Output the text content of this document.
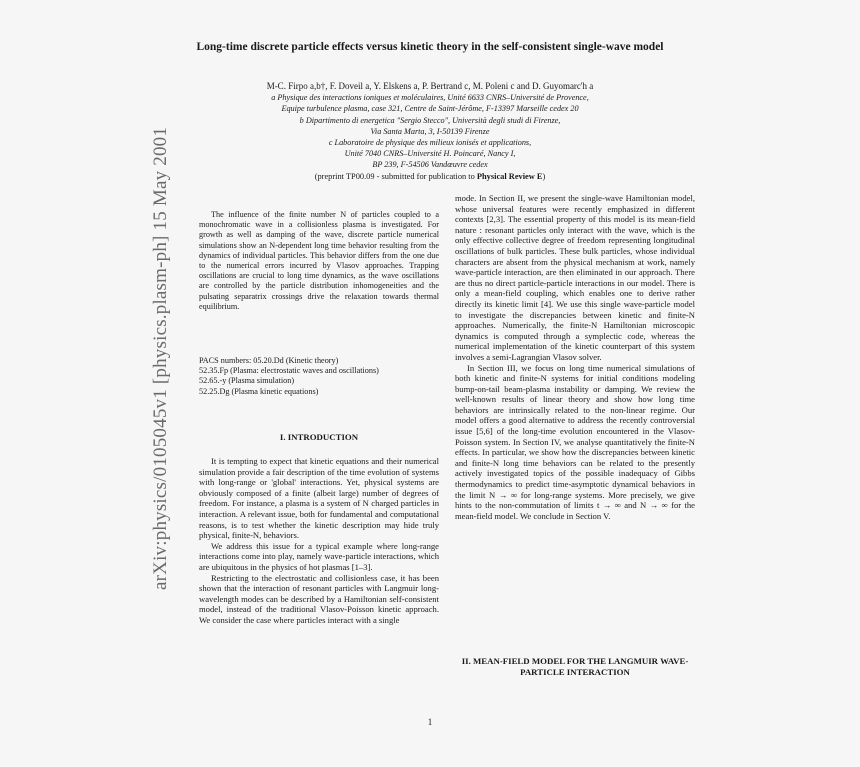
arXiv:physics/0105045v1 [physics.plasm-ph] 15 May 2001
Long-time discrete particle effects versus kinetic theory in the self-consistent single-wave model
M-C. Firpo a,b†, F. Doveil a, Y. Elskens a, P. Bertrand c, M. Poleni c and D. Guyomarc'h a
a Physique des interactions ioniques et moléculaires, Unité 6633 CNRS–Université de Provence,
Equipe turbulence plasma, case 321, Centre de Saint-Jérôme, F-13397 Marseille cedex 20
b Dipartimento di energetica "Sergio Stecco", Università degli studi di Firenze,
Via Santa Marta, 3, I-50139 Firenze
c Laboratoire de physique des milieux ionisés et applications,
Unité 7040 CNRS–Université H. Poincaré, Nancy I,
BP 239, F-54506 Vandœuvre cedex
(preprint TP00.09 - submitted for publication to Physical Review E)

The influence of the finite number N of particles coupled to a monochromatic wave in a collisionless plasma is investigated. For growth as well as damping of the wave, discrete particle numerical simulations show an N-dependent long time behavior resulting from the dynamics of individual particles. This behavior differs from the one due to the numerical errors incurred by Vlasov approaches. Trapping oscillations are crucial to long time dynamics, as the wave oscillations are controlled by the particle distribution inhomogeneities and the pulsating separatrix crossings drive the relaxation towards thermal equilibrium.

PACS numbers: 05.20.Dd (Kinetic theory)
52.35.Fp (Plasma: electrostatic waves and oscillations)
52.65.-y (Plasma simulation)
52.25.Dg (Plasma kinetic equations)
I. INTRODUCTION

It is tempting to expect that kinetic equations and their numerical simulation provide a fair description of the time evolution of systems with long-range or 'global' interactions. Yet, physical systems are obviously composed of a finite (albeit large) number of degrees of freedom. For instance, a plasma is a system of N charged particles in interaction. A relevant issue, both for fundamental and computational reasons, is to test whether the kinetic description may hide truly physical, finite-N, behaviors.

We address this issue for a typical example where long-range interactions come into play, namely wave-particle interactions, which are ubiquitous in the physics of hot plasmas [1–3].

Restricting to the electrostatic and collisionless case, it has been shown that the interaction of resonant particles with Langmuir long-wavelength modes can be described by a Hamiltonian self-consistent model, instead of the traditional Vlasov-Poisson kinetic approach. We consider the case where particles interact with a single

mode. In Section II, we present the single-wave Hamiltonian model, whose universal features were recently emphasized in different contexts [2,3]. The essential property of this model is its mean-field nature : resonant particles only interact with the wave, which is the only effective collective degree of freedom representing longitudinal oscillations of bulk particles. These bulk particles, whose individual characters are absent from the physical mechanism at work, namely wave-particle interaction, are then eliminated in our approach. There are thus no direct particle-particle interactions in our model. There is only a mean-field coupling, which enables one to derive rather directly its kinetic limit [4]. We use this single wave-particle model to investigate the discrepancies between kinetic and finite-N approaches. Numerically, the finite-N Hamiltonian microscopic dynamics is computed through a symplectic code, whereas the numerical implementation of the kinetic counterpart of this system involves a semi-Lagrangian Vlasov solver.

In Section III, we focus on long time numerical simulations of both kinetic and finite-N systems for initial conditions modeling bump-on-tail beam-plasma instability or damping. We review the well-known results of linear theory and show how long time behaviors are intrinsically related to the non-linear regime. Our model offers a good alternative to address the recently controversial issue [5,6] of the long-time evolution encountered in the Vlasov-Poisson system. In Section IV, we analyse quantitatively the finite-N effects. In particular, we show how the discrepancies between kinetic and finite-N long time behaviors can be related to the presently actively investigated topics of the possible inadequacy of Gibbs thermodynamics to predict time-asymptotic dynamical behaviors in the limit N → ∞ for long-range systems. More precisely, we give hints to the non-commutation of limits t → ∞ and N → ∞ for the mean-field model. We conclude in Section V.

II. MEAN-FIELD MODEL FOR THE LANGMUIR WAVE-PARTICLE INTERACTION
1
